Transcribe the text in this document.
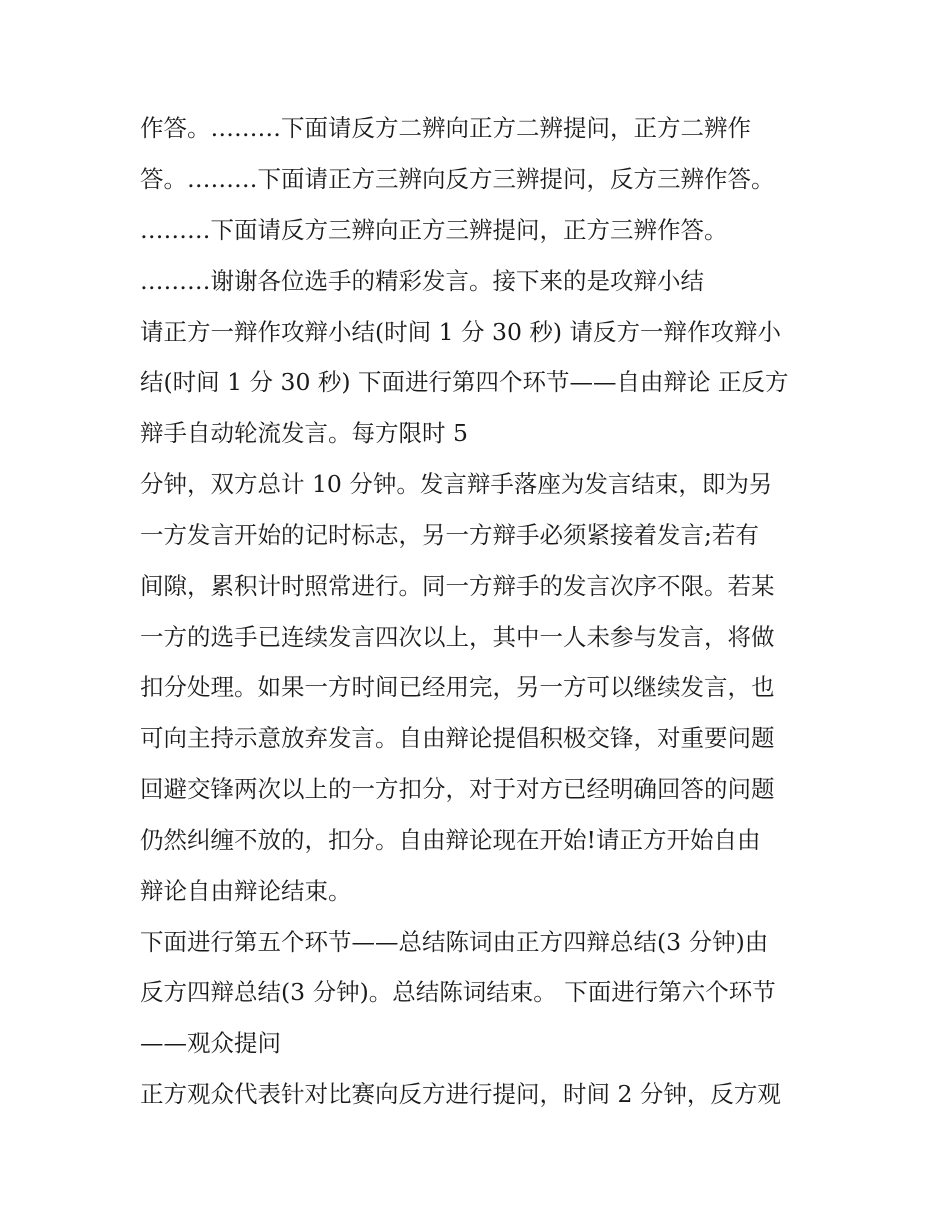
作答。………下面请反方二辨向正方二辨提问，正方二辨作
答。………下面请正方三辨向反方三辨提问，反方三辨作答。
………下面请反方三辨向正方三辨提问，正方三辨作答。
………谢谢各位选手的精彩发言。接下来的是攻辩小结
请正方一辩作攻辩小结(时间 1 分 30 秒) 请反方一辩作攻辩小
结(时间 1 分 30 秒) 下面进行第四个环节——自由辩论 正反方
辩手自动轮流发言。每方限时 5
分钟，双方总计 10 分钟。发言辩手落座为发言结束，即为另
一方发言开始的记时标志，另一方辩手必须紧接着发言;若有
间隙，累积计时照常进行。同一方辩手的发言次序不限。若某
一方的选手已连续发言四次以上，其中一人未参与发言，将做
扣分处理。如果一方时间已经用完，另一方可以继续发言，也
可向主持示意放弃发言。自由辩论提倡积极交锋，对重要问题
回避交锋两次以上的一方扣分，对于对方已经明确回答的问题
仍然纠缠不放的，扣分。自由辩论现在开始!请正方开始自由
辩论自由辩论结束。
下面进行第五个环节——总结陈词由正方四辩总结(3 分钟)由
反方四辩总结(3 分钟)。总结陈词结束。 下面进行第六个环节
——观众提问
正方观众代表针对比赛向反方进行提问，时间 2 分钟，反方观
